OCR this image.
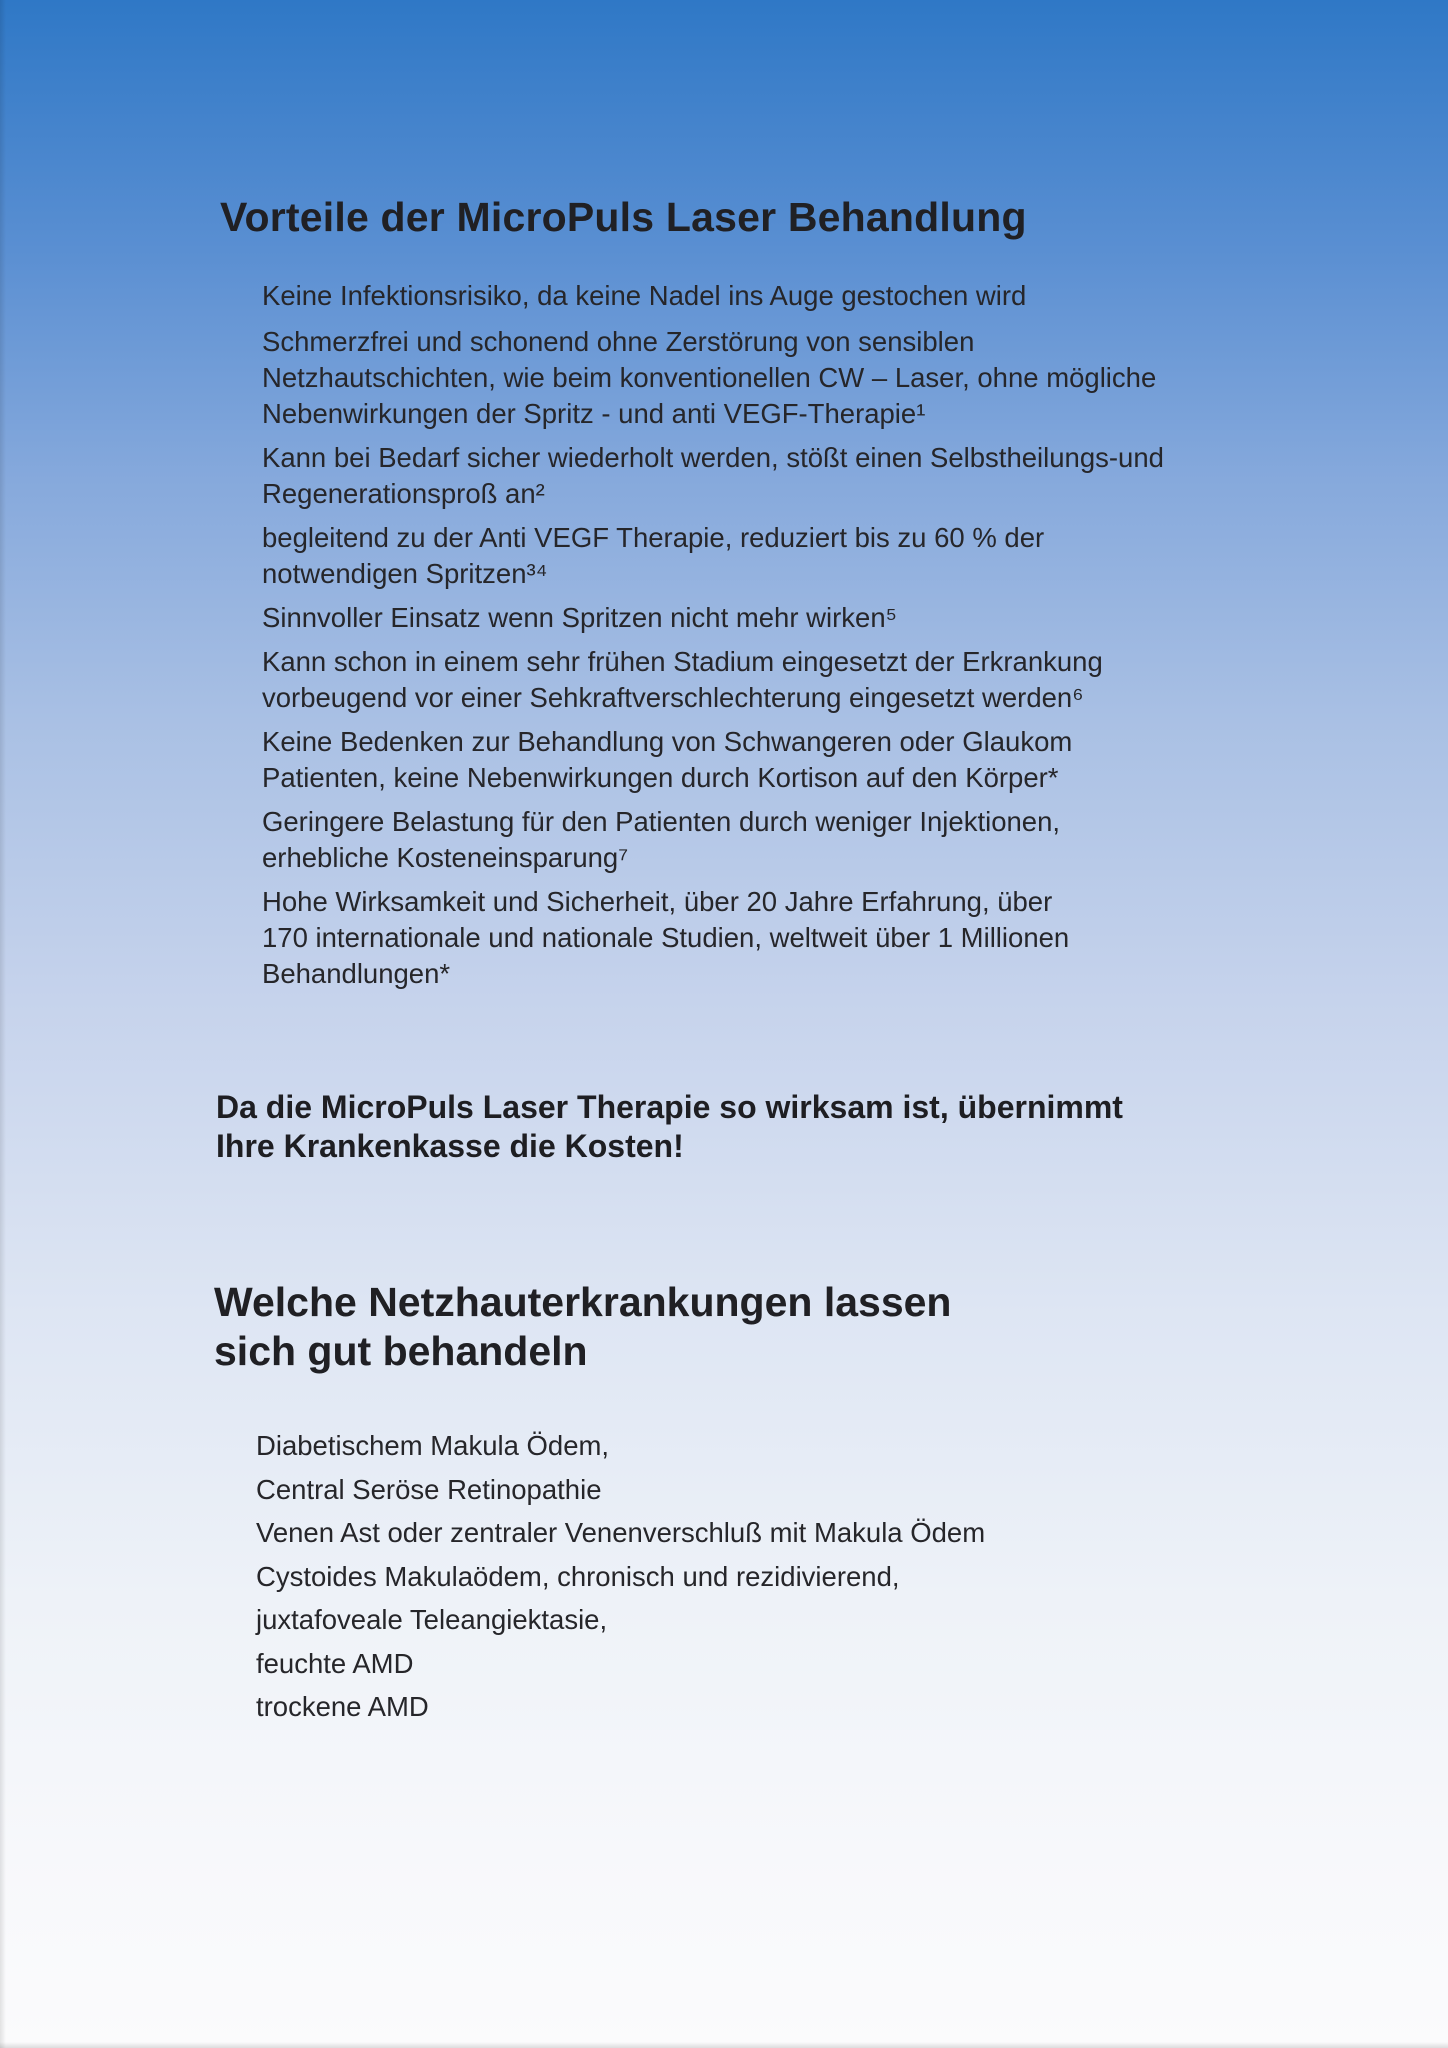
Vorteile der MicroPuls Laser Behandlung
Keine Infektionsrisiko, da keine Nadel ins Auge gestochen wird
Schmerzfrei und schonend ohne Zerstörung von sensiblen
Netzhautschichten, wie beim konventionellen CW – Laser, ohne mögliche
Nebenwirkungen der Spritz - und anti VEGF-Therapie¹
Kann bei Bedarf sicher wiederholt werden, stößt einen Selbstheilungs-und
Regenerationsproß an²
begleitend zu der Anti VEGF Therapie, reduziert bis zu 60 % der
notwendigen Spritzen³⁴
Sinnvoller Einsatz wenn Spritzen nicht mehr wirken⁵
Kann schon in einem sehr frühen Stadium eingesetzt der Erkrankung
vorbeugend vor einer Sehkraftverschlechterung eingesetzt werden⁶
Keine Bedenken zur Behandlung von Schwangeren oder Glaukom
Patienten, keine Nebenwirkungen durch Kortison auf den Körper*
Geringere Belastung für den Patienten durch weniger Injektionen,
erhebliche Kosteneinsparung⁷
Hohe Wirksamkeit und Sicherheit, über 20 Jahre Erfahrung, über
170 internationale und nationale Studien, weltweit über 1 Millionen
Behandlungen*

Da die MicroPuls Laser Therapie so wirksam ist, übernimmt
Ihre Krankenkasse die Kosten!

Welche Netzhauterkrankungen lassen
sich gut behandeln
Diabetischem Makula Ödem,
Central Seröse Retinopathie
Venen Ast oder zentraler Venenverschluß mit Makula Ödem
Cystoides Makulaödem, chronisch und rezidivierend,
juxtafoveale Teleangiektasie,
feuchte AMD
trockene AMD
